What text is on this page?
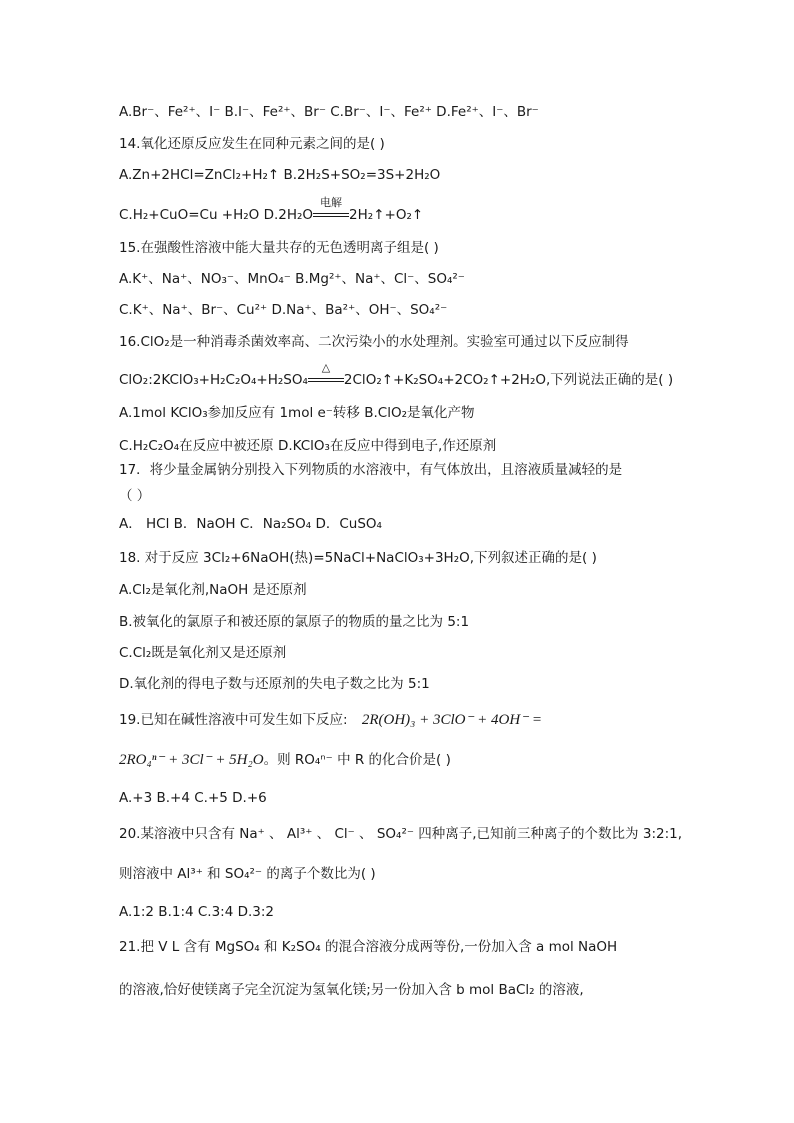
A.Br⁻、Fe²⁺、I⁻ B.I⁻、Fe²⁺、Br⁻ C.Br⁻、I⁻、Fe²⁺ D.Fe²⁺、I⁻、Br⁻
14.氧化还原反应发生在同种元素之间的是( )
A.Zn+2HCl=ZnCl₂+H₂↑ B.2H₂S+SO₂=3S+2H₂O
C.H₂+CuO=Cu +H₂O D.2H₂O
电解
2H₂↑+O₂↑
15.在强酸性溶液中能大量共存的无色透明离子组是( )
A.K⁺、Na⁺、NO₃⁻、MnO₄⁻ B.Mg²⁺、Na⁺、Cl⁻、SO₄²⁻
C.K⁺、Na⁺、Br⁻、Cu²⁺ D.Na⁺、Ba²⁺、OH⁻、SO₄²⁻
16.ClO₂是一种消毒杀菌效率高、二次污染小的水处理剂。实验室可通过以下反应制得
ClO₂:2KClO₃+H₂C₂O₄+H₂SO₄
△
2ClO₂↑+K₂SO₄+2CO₂↑+2H₂O,下列说法正确的是( )
A.1mol KClO₃参加反应有 1mol e⁻转移 B.ClO₂是氧化产物
C.H₂C₂O₄在反应中被还原 D.KClO₃在反应中得到电子,作还原剂
17．将少量金属钠分别投入下列物质的水溶液中，有气体放出，且溶液质量减轻的是
（ ）
A． HCl B．NaOH C．Na₂SO₄ D．CuSO₄
18. 对于反应 3Cl₂+6NaOH(热)=5NaCl+NaClO₃+3H₂O,下列叙述正确的是( )
A.Cl₂是氧化剂,NaOH 是还原剂
B.被氧化的氯原子和被还原的氯原子的物质的量之比为 5:1
C.Cl₂既是氧化剂又是还原剂
D.氧化剂的得电子数与还原剂的失电子数之比为 5:1
19.已知在碱性溶液中可发生如下反应: 2R(OH)₃ + 3ClO⁻ + 4OH⁻ =
2RO₄ⁿ⁻ + 3Cl⁻ + 5H₂O。则 RO₄ⁿ⁻ 中 R 的化合价是( )
A.+3 B.+4 C.+5 D.+6
20.某溶液中只含有 Na⁺ 、 Al³⁺ 、 Cl⁻ 、 SO₄²⁻ 四种离子,已知前三种离子的个数比为 3:2:1,
则溶液中 Al³⁺ 和 SO₄²⁻ 的离子个数比为( )
A.1:2 B.1:4 C.3:4 D.3:2
21.把 V L 含有 MgSO₄ 和 K₂SO₄ 的混合溶液分成两等份,一份加入含 a mol NaOH
的溶液,恰好使镁离子完全沉淀为氢氧化镁;另一份加入含 b mol BaCl₂ 的溶液,
